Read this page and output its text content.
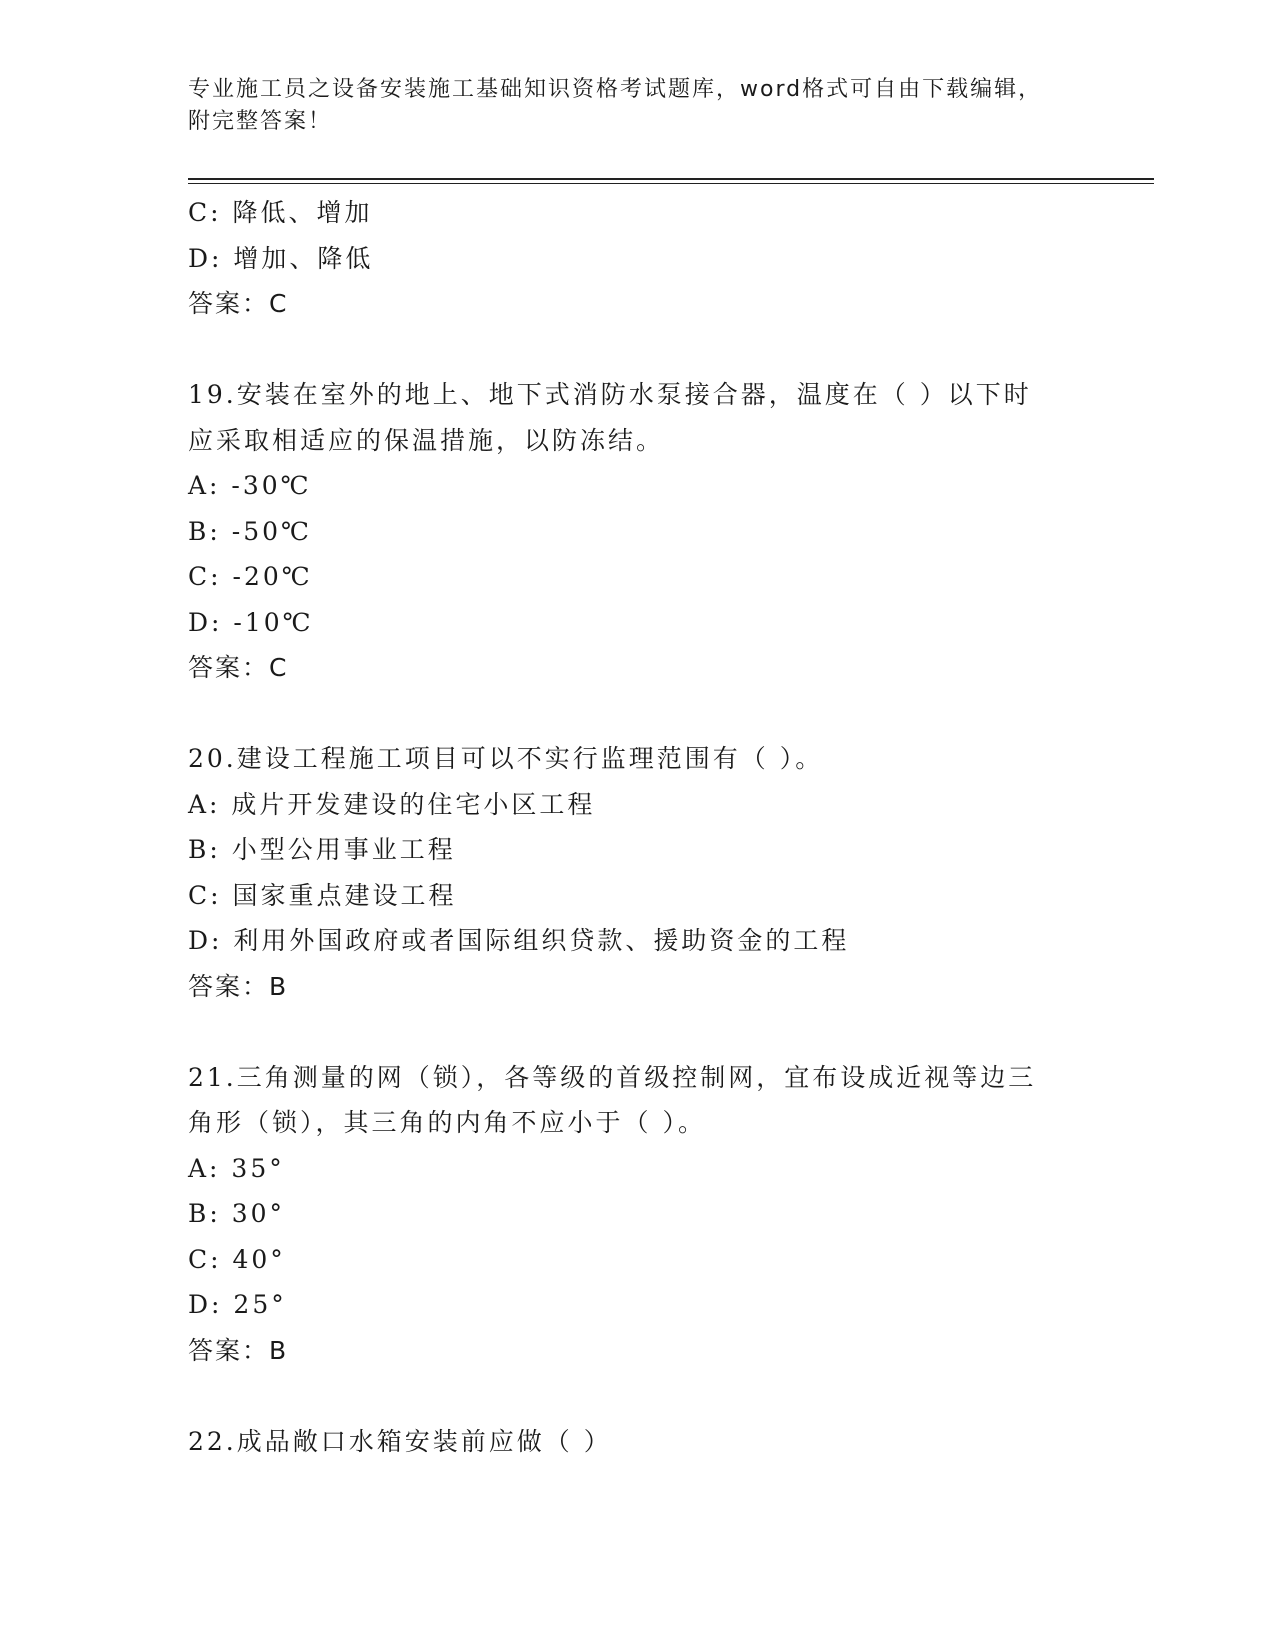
专业施工员之设备安装施工基础知识资格考试题库，word格式可自由下载编辑，
附完整答案！
C: 降低、增加
D: 增加、降低
答案：C
19.安装在室外的地上、地下式消防水泵接合器，温度在（ ）以下时
应采取相适应的保温措施，以防冻结。
A: -30℃
B: -50℃
C: -20℃
D: -10℃
答案：C
20.建设工程施工项目可以不实行监理范围有（ ）。
A: 成片开发建设的住宅小区工程
B: 小型公用事业工程
C: 国家重点建设工程
D: 利用外国政府或者国际组织贷款、援助资金的工程
答案：B
21.三角测量的网（锁），各等级的首级控制网，宜布设成近视等边三
角形（锁），其三角的内角不应小于（ ）。
A: 35°
B: 30°
C: 40°
D: 25°
答案：B
22.成品敞口水箱安装前应做（ ）
